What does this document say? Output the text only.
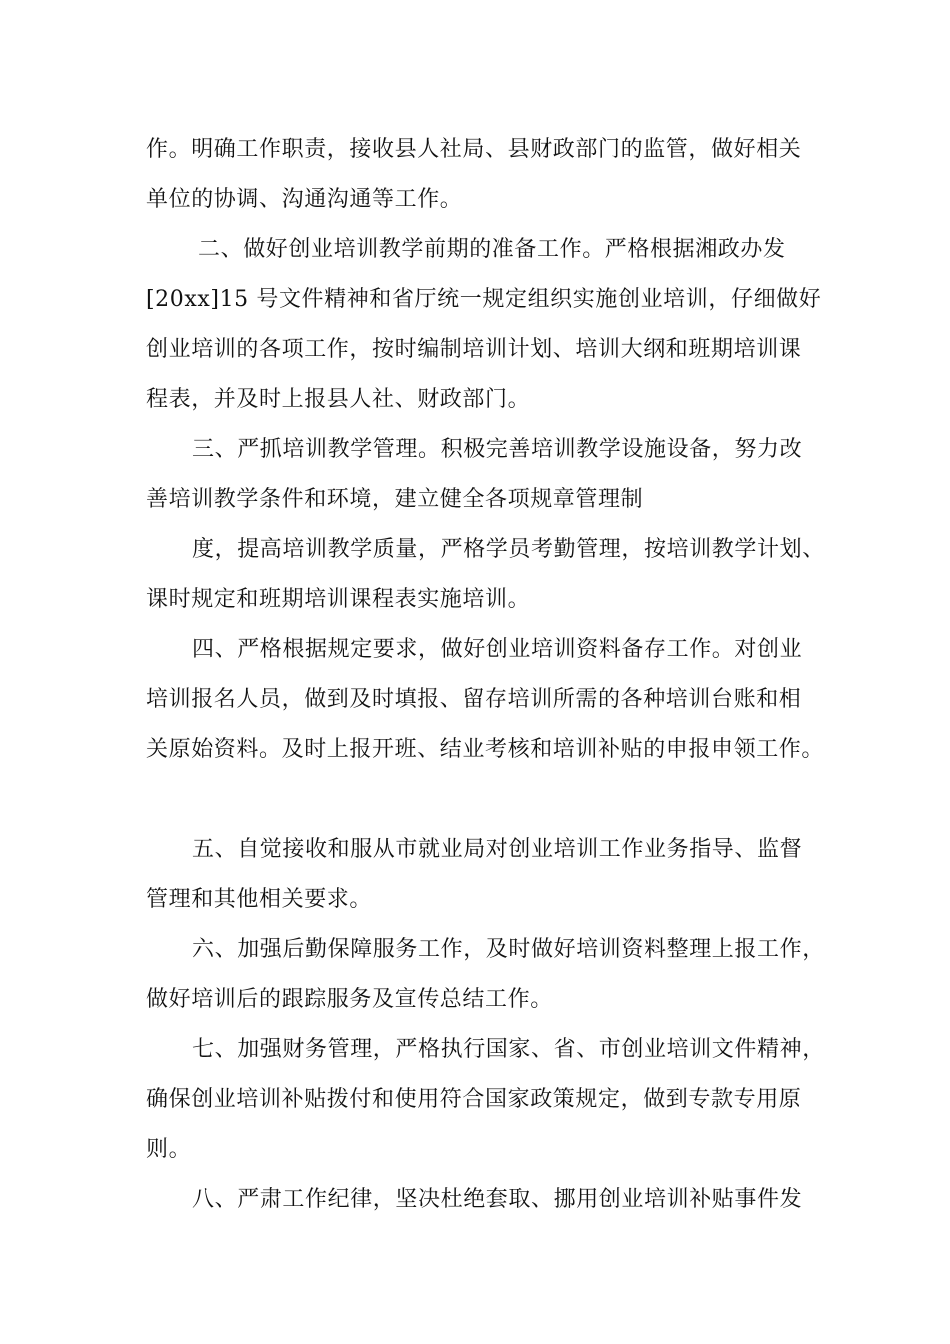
作。明确工作职责，接收县人社局、县财政部门的监管，做好相关

单位的协调、沟通沟通等工作。

二、做好创业培训教学前期的准备工作。严格根据湘政办发

[20xx]15 号文件精神和省厅统一规定组织实施创业培训，仔细做好

创业培训的各项工作，按时编制培训计划、培训大纲和班期培训课

程表，并及时上报县人社、财政部门。

三、严抓培训教学管理。积极完善培训教学设施设备，努力改

善培训教学条件和环境，建立健全各项规章管理制

度，提高培训教学质量，严格学员考勤管理，按培训教学计划、

课时规定和班期培训课程表实施培训。

四、严格根据规定要求，做好创业培训资料备存工作。对创业

培训报名人员，做到及时填报、留存培训所需的各种培训台账和相

关原始资料。及时上报开班、结业考核和培训补贴的申报申领工作。

五、自觉接收和服从市就业局对创业培训工作业务指导、监督

管理和其他相关要求。

六、加强后勤保障服务工作，及时做好培训资料整理上报工作，

做好培训后的跟踪服务及宣传总结工作。

七、加强财务管理，严格执行国家、省、市创业培训文件精神，

确保创业培训补贴拨付和使用符合国家政策规定，做到专款专用原

则。

八、严肃工作纪律，坚决杜绝套取、挪用创业培训补贴事件发
